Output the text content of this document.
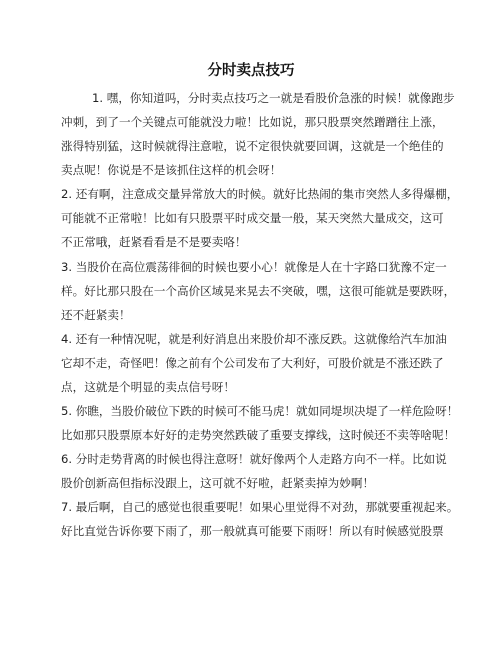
分时卖点技巧
1. 嘿，你知道吗，分时卖点技巧之一就是看股价急涨的时候！就像跑步
冲刺，到了一个关键点可能就没力啦！比如说，那只股票突然蹭蹭往上涨，
涨得特别猛，这时候就得注意啦，说不定很快就要回调，这就是一个绝佳的
卖点呢！你说是不是该抓住这样的机会呀！
2. 还有啊，注意成交量异常放大的时候。就好比热闹的集市突然人多得爆棚，
可能就不正常啦！比如有只股票平时成交量一般，某天突然大量成交，这可
不正常哦，赶紧看看是不是要卖咯！
3. 当股价在高位震荡徘徊的时候也要小心！就像是人在十字路口犹豫不定一
样。好比那只股在一个高价区域晃来晃去不突破，嘿，这很可能就是要跌呀，
还不赶紧卖！
4. 还有一种情况呢，就是利好消息出来股价却不涨反跌。这就像给汽车加油
它却不走，奇怪吧！像之前有个公司发布了大利好，可股价就是不涨还跌了
点，这就是个明显的卖点信号呀！
5. 你瞧，当股价破位下跌的时候可不能马虎！就如同堤坝决堤了一样危险呀！
比如那只股票原本好好的走势突然跌破了重要支撑线，这时候还不卖等啥呢！
6. 分时走势背离的时候也得注意呀！就好像两个人走路方向不一样。比如说
股价创新高但指标没跟上，这可就不好啦，赶紧卖掉为妙啊！
7. 最后啊，自己的感觉也很重要呢！如果心里觉得不对劲，那就要重视起来。
好比直觉告诉你要下雨了，那一般就真可能要下雨呀！所以有时候感觉股票
